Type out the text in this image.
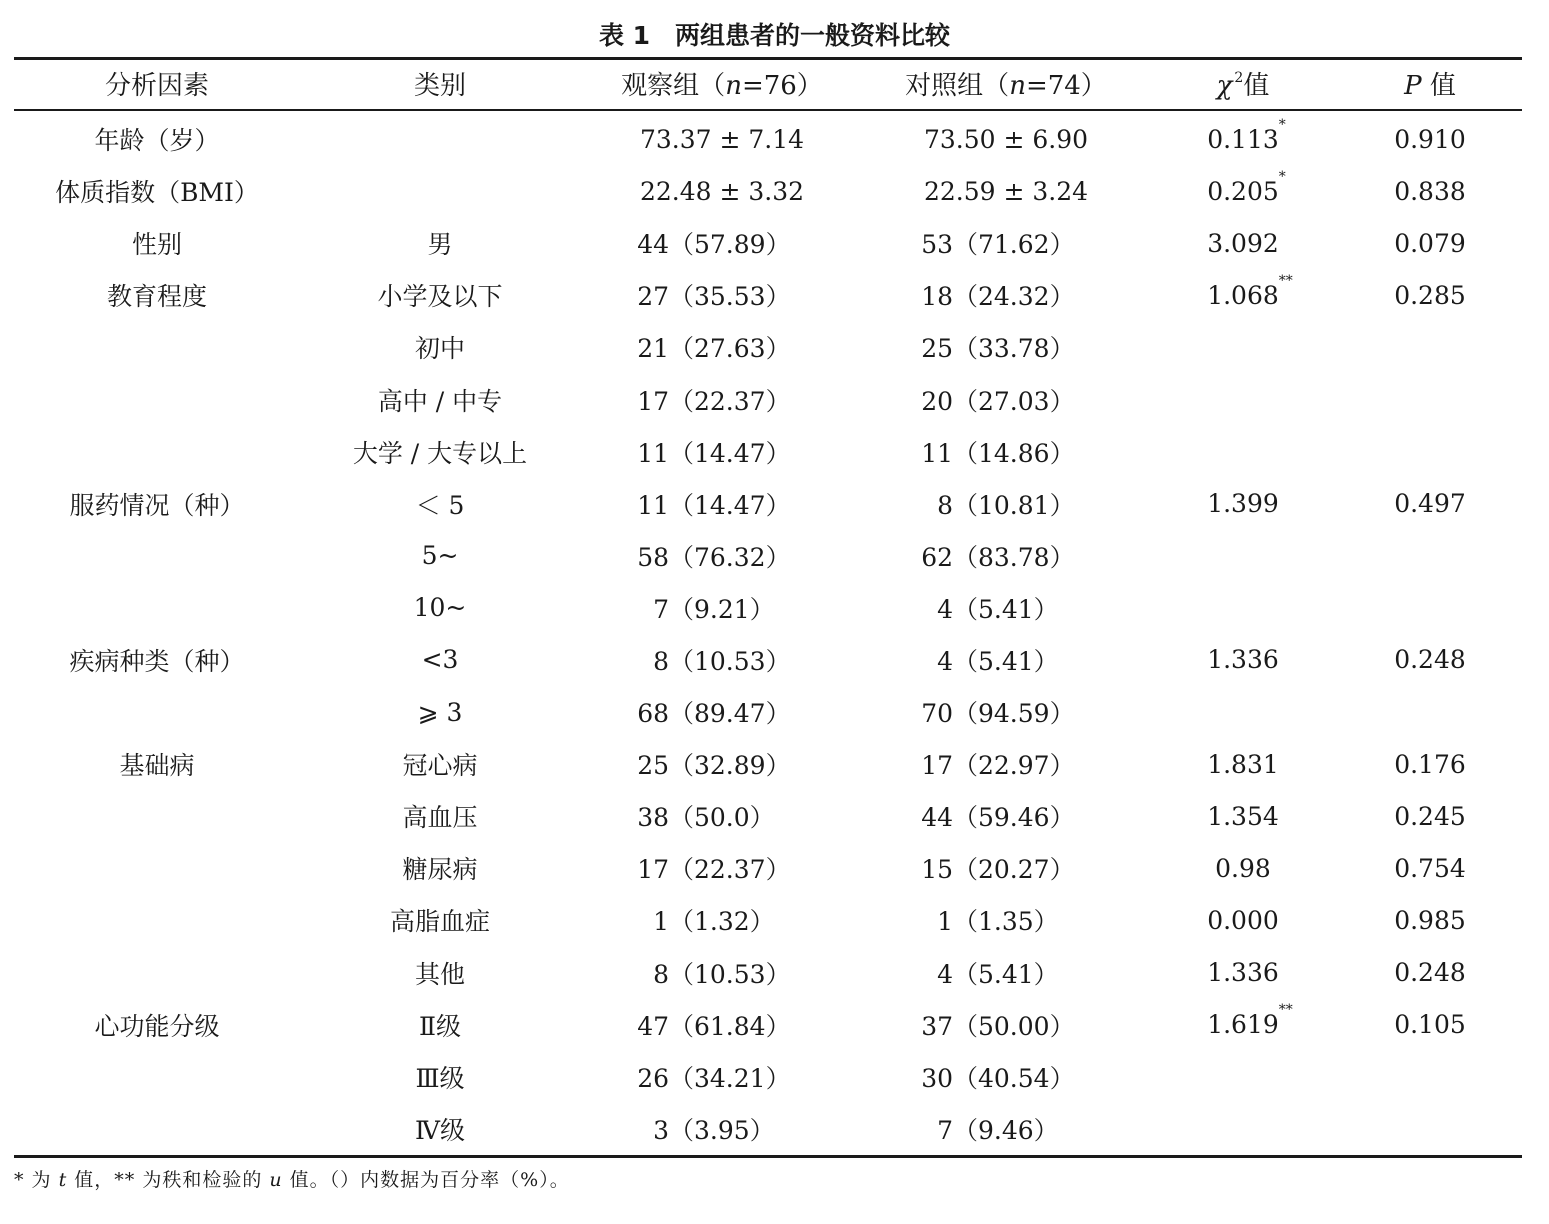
表 1　两组患者的一般资料比较
分析因素	类别	观察组（n=76）	对照组（n=74）	χ $^2$值	P 值
年龄（岁）		73.37 ± 7.14	73.50 ± 6.90	0.113 *	0.910
体质指数（BMI）		22.48 ± 3.32	22.59 ± 3.24	0.205 *	0.838
性别	男	44（57.89）	53（71.62）	3.092	0.079
教育程度	小学及以下	27（35.53）	18（24.32）	1.068 **	0.285
	初中	21（27.63）	25（33.78）	

	高中 / 中专	17（22.37）	20（27.03）	

	大学 / 大专以上	11（14.47）	11（14.86）	

服药情况（种）	＜ 5	11（14.47）	8（10.81）	1.399	0.497
	5~	58（76.32）	62（83.78）	

	10~	7（9.21）	4（5.41）	

疾病种类（种）	<3	8（10.53）	4（5.41）	1.336	0.248
	⩾ 3	68（89.47）	70（94.59）	

基础病	冠心病	25（32.89）	17（22.97）	1.831	0.176
	高血压	38（50.0）	44（59.46）	1.354	0.245
	糖尿病	17（22.37）	15（20.27）	0.98	0.754
	高脂血症	1（1.32）	1（1.35）	0.000	0.985
	其他	8（10.53）	4（5.41）	1.336	0.248
心功能分级	Ⅱ级	47（61.84）	37（50.00）	1.619 **	0.105
	Ⅲ级	26（34.21）	30（40.54）	

	Ⅳ级	3（3.95）	7（9.46）	

* 为 t 值，** 为秩和检验的 u 值。（）内数据为百分率（%）。
